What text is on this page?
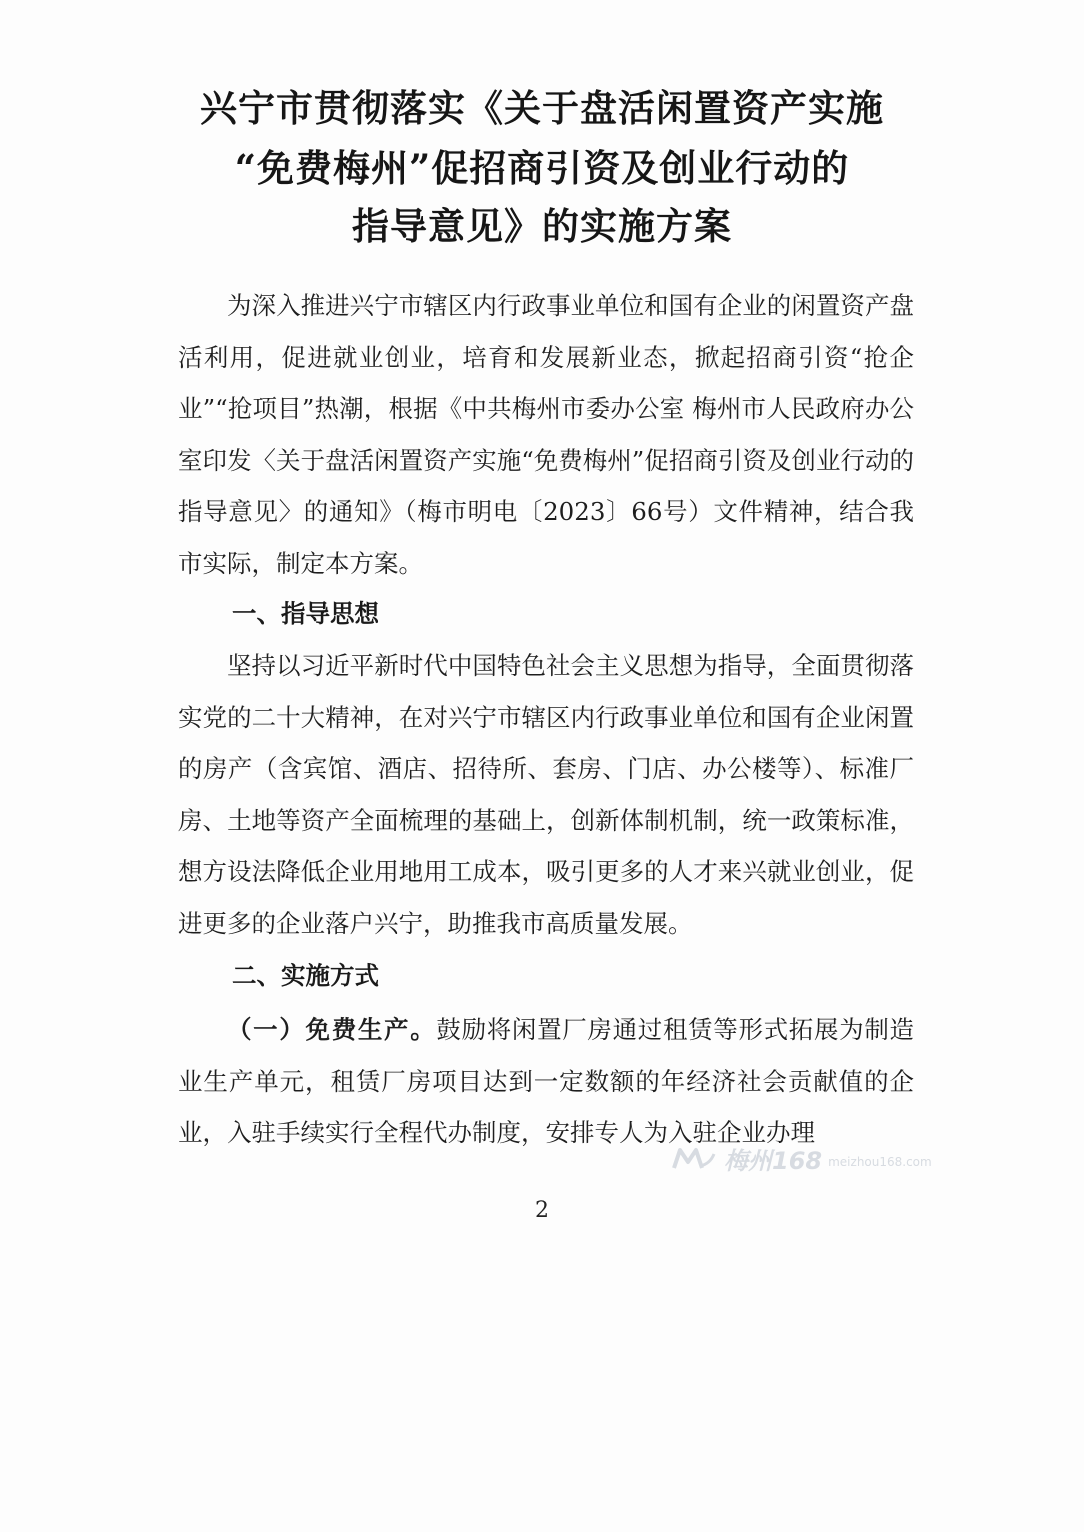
兴宁市贯彻落实《关于盘活闲置资产实施
“免费梅州”促招商引资及创业行动的
指导意见》的实施方案

为深入推进兴宁市辖区内行政事业单位和国有企业的闲置资产盘活利用，促进就业创业，培育和发展新业态，掀起招商引资“抢企业”“抢项目”热潮，根据《中共梅州市委办公室 梅州市人民政府办公室印发〈关于盘活闲置资产实施“免费梅州”促招商引资及创业行动的指导意见〉的通知》（梅市明电〔2023〕66号）文件精神，结合我市实际，制定本方案。

一、指导思想

坚持以习近平新时代中国特色社会主义思想为指导，全面贯彻落实党的二十大精神，在对兴宁市辖区内行政事业单位和国有企业闲置的房产（含宾馆、酒店、招待所、套房、门店、办公楼等）、标准厂房、土地等资产全面梳理的基础上，创新体制机制，统一政策标准，想方设法降低企业用地用工成本，吸引更多的人才来兴就业创业，促进更多的企业落户兴宁，助推我市高质量发展。

二、实施方式

（一）免费生产。鼓励将闲置厂房通过租赁等形式拓展为制造业生产单元，租赁厂房项目达到一定数额的年经济社会贡献值的企业，入驻手续实行全程代办制度，安排专人为入驻企业办理

梅州168 meizhou168.com
2
